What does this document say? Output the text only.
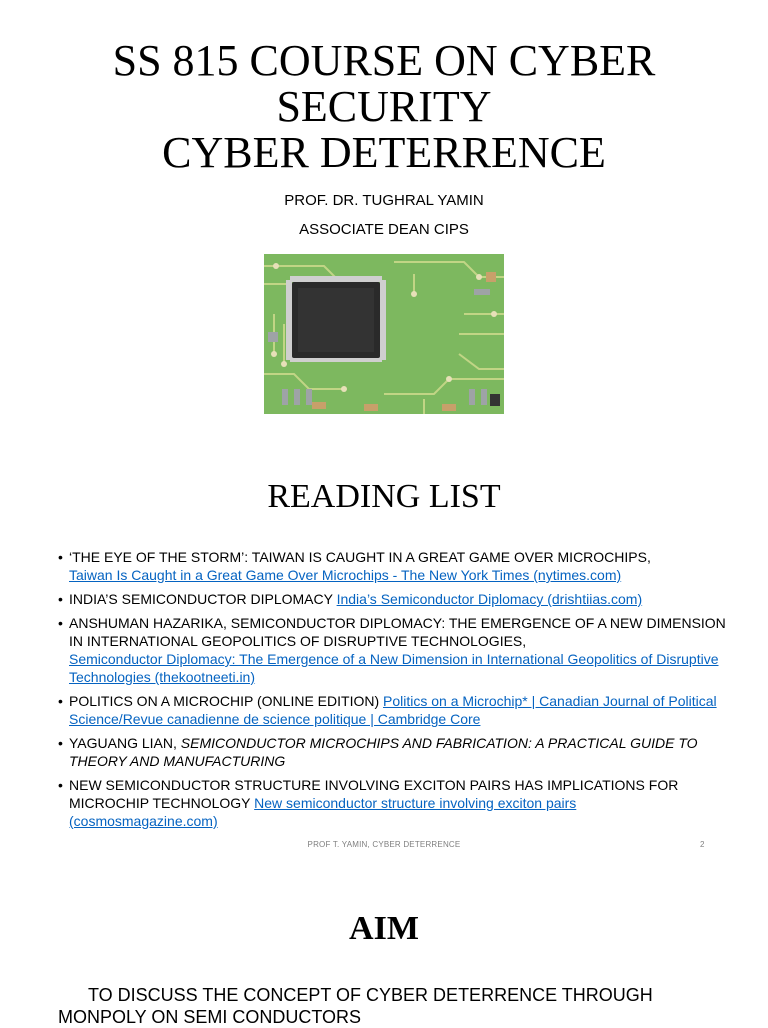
SS 815 COURSE ON CYBER
SECURITY
CYBER DETERRENCE
PROF. DR. TUGHRAL YAMIN
ASSOCIATE DEAN CIPS
READING LIST
• ‘THE EYE OF THE STORM’: TAIWAN IS CAUGHT IN A GREAT GAME OVER MICROCHIPS,
Taiwan Is Caught in a Great Game Over Microchips - The New York Times (nytimes.com)
• INDIA’S SEMICONDUCTOR DIPLOMACY India’s Semiconductor Diplomacy (drishtiias.com)
• ANSHUMAN HAZARIKA, SEMICONDUCTOR DIPLOMACY: THE EMERGENCE OF A NEW DIMENSION IN INTERNATIONAL GEOPOLITICS OF DISRUPTIVE TECHNOLOGIES,
Semiconductor Diplomacy: The Emergence of a New Dimension in International Geopolitics of Disruptive Technologies (thekootneeti.in)
• POLITICS ON A MICROCHIP (ONLINE EDITION) Politics on a Microchip* | Canadian Journal of Political Science/Revue canadienne de science politique | Cambridge Core
• YAGUANG LIAN, SEMICONDUCTOR MICROCHIPS AND FABRICATION: A PRACTICAL GUIDE TO THEORY AND MANUFACTURING
• NEW SEMICONDUCTOR STRUCTURE INVOLVING EXCITON PAIRS HAS IMPLICATIONS FOR MICROCHIP TECHNOLOGY New semiconductor structure involving exciton pairs (cosmosmagazine.com)
PROF T. YAMIN, CYBER DETERRENCE	2
AIM
TO DISCUSS THE CONCEPT OF CYBER DETERRENCE THROUGH MONPOLY ON SEMI CONDUCTORS
